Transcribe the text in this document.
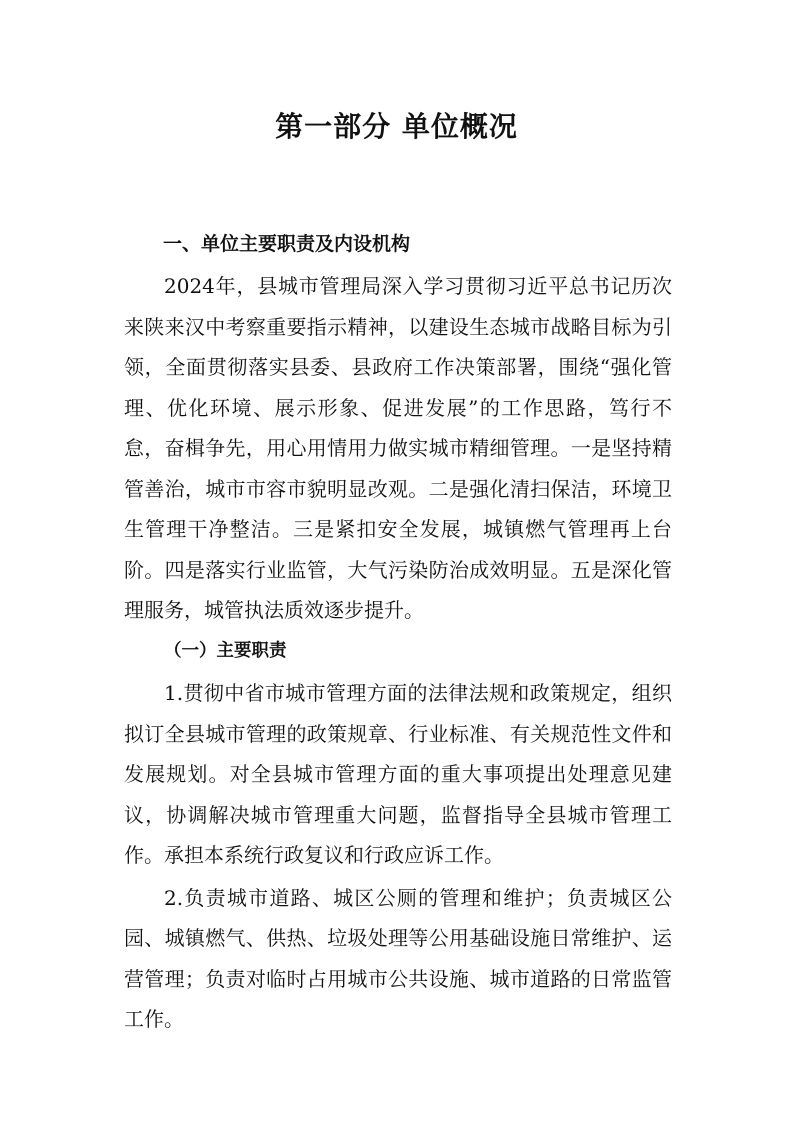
第一部分 单位概况
一、单位主要职责及内设机构

2024年，县城市管理局深入学习贯彻习近平总书记历次来陕来汉中考察重要指示精神，以建设生态城市战略目标为引领，全面贯彻落实县委、县政府工作决策部署，围绕“强化管理、优化环境、展示形象、促进发展”的工作思路，笃行不怠，奋楫争先，用心用情用力做实城市精细管理。一是坚持精管善治，城市市容市貌明显改观。二是强化清扫保洁，环境卫生管理干净整洁。三是紧扣安全发展，城镇燃气管理再上台阶。四是落实行业监管，大气污染防治成效明显。五是深化管理服务，城管执法质效逐步提升。

（一）主要职责

1.贯彻中省市城市管理方面的法律法规和政策规定，组织拟订全县城市管理的政策规章、行业标准、有关规范性文件和发展规划。对全县城市管理方面的重大事项提出处理意见建议，协调解决城市管理重大问题，监督指导全县城市管理工作。承担本系统行政复议和行政应诉工作。

2.负责城市道路、城区公厕的管理和维护；负责城区公园、城镇燃气、供热、垃圾处理等公用基础设施日常维护、运营管理；负责对临时占用城市公共设施、城市道路的日常监管工作。
